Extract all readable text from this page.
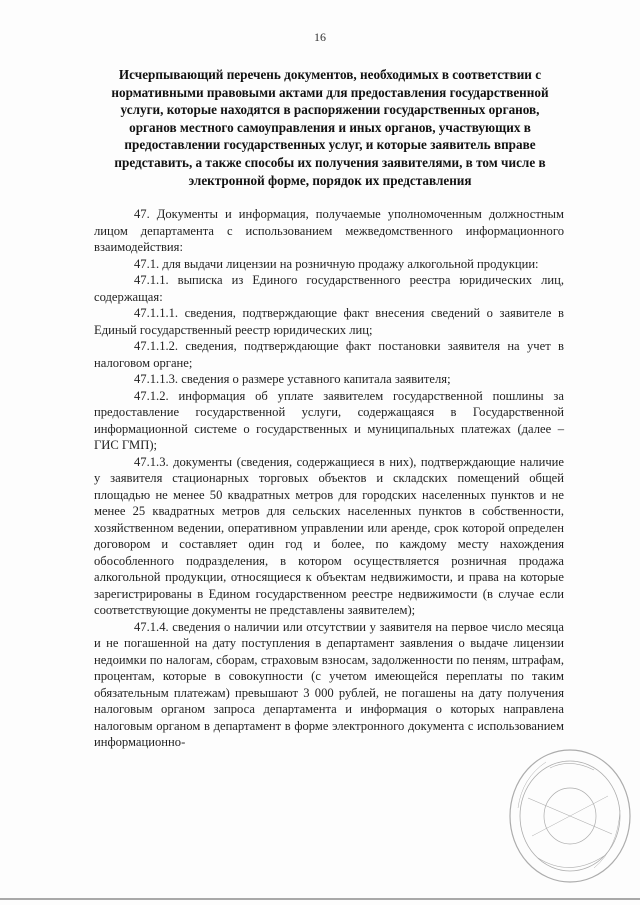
16
Исчерпывающий перечень документов, необходимых в соответствии с нормативными правовыми актами для предоставления государственной услуги, которые находятся в распоряжении государственных органов, органов местного самоуправления и иных органов, участвующих в предоставлении государственных услуг, и которые заявитель вправе представить, а также способы их получения заявителями, в том числе в электронной форме, порядок их представления

47. Документы и информация, получаемые уполномоченным должностным лицом департамента с использованием межведомственного информационного взаимодействия:

47.1. для выдачи лицензии на розничную продажу алкогольной продукции:

47.1.1. выписка из Единого государственного реестра юридических лиц, содержащая:

47.1.1.1. сведения, подтверждающие факт внесения сведений о заявителе в Единый государственный реестр юридических лиц;

47.1.1.2. сведения, подтверждающие факт постановки заявителя на учет в налоговом органе;

47.1.1.3. сведения о размере уставного капитала заявителя;

47.1.2. информация об уплате заявителем государственной пошлины за предоставление государственной услуги, содержащаяся в Государственной информационной системе о государственных и муниципальных платежах (далее – ГИС ГМП);

47.1.3. документы (сведения, содержащиеся в них), подтверждающие наличие у заявителя стационарных торговых объектов и складских помещений общей площадью не менее 50 квадратных метров для городских населенных пунктов и не менее 25 квадратных метров для сельских населенных пунктов в собственности, хозяйственном ведении, оперативном управлении или аренде, срок которой определен договором и составляет один год и более, по каждому месту нахождения обособленного подразделения, в котором осуществляется розничная продажа алкогольной продукции, относящиеся к объектам недвижимости, и права на которые зарегистрированы в Едином государственном реестре недвижимости (в случае если соответствующие документы не представлены заявителем);

47.1.4. сведения о наличии или отсутствии у заявителя на первое число месяца и не погашенной на дату поступления в департамент заявления о выдаче лицензии недоимки по налогам, сборам, страховым взносам, задолженности по пеням, штрафам, процентам, которые в совокупности (с учетом имеющейся переплаты по таким обязательным платежам) превышают 3 000 рублей, не погашены на дату получения налоговым органом запроса департамента и информация о которых направлена налоговым органом в департамент в форме электронного документа с использованием информационно-
